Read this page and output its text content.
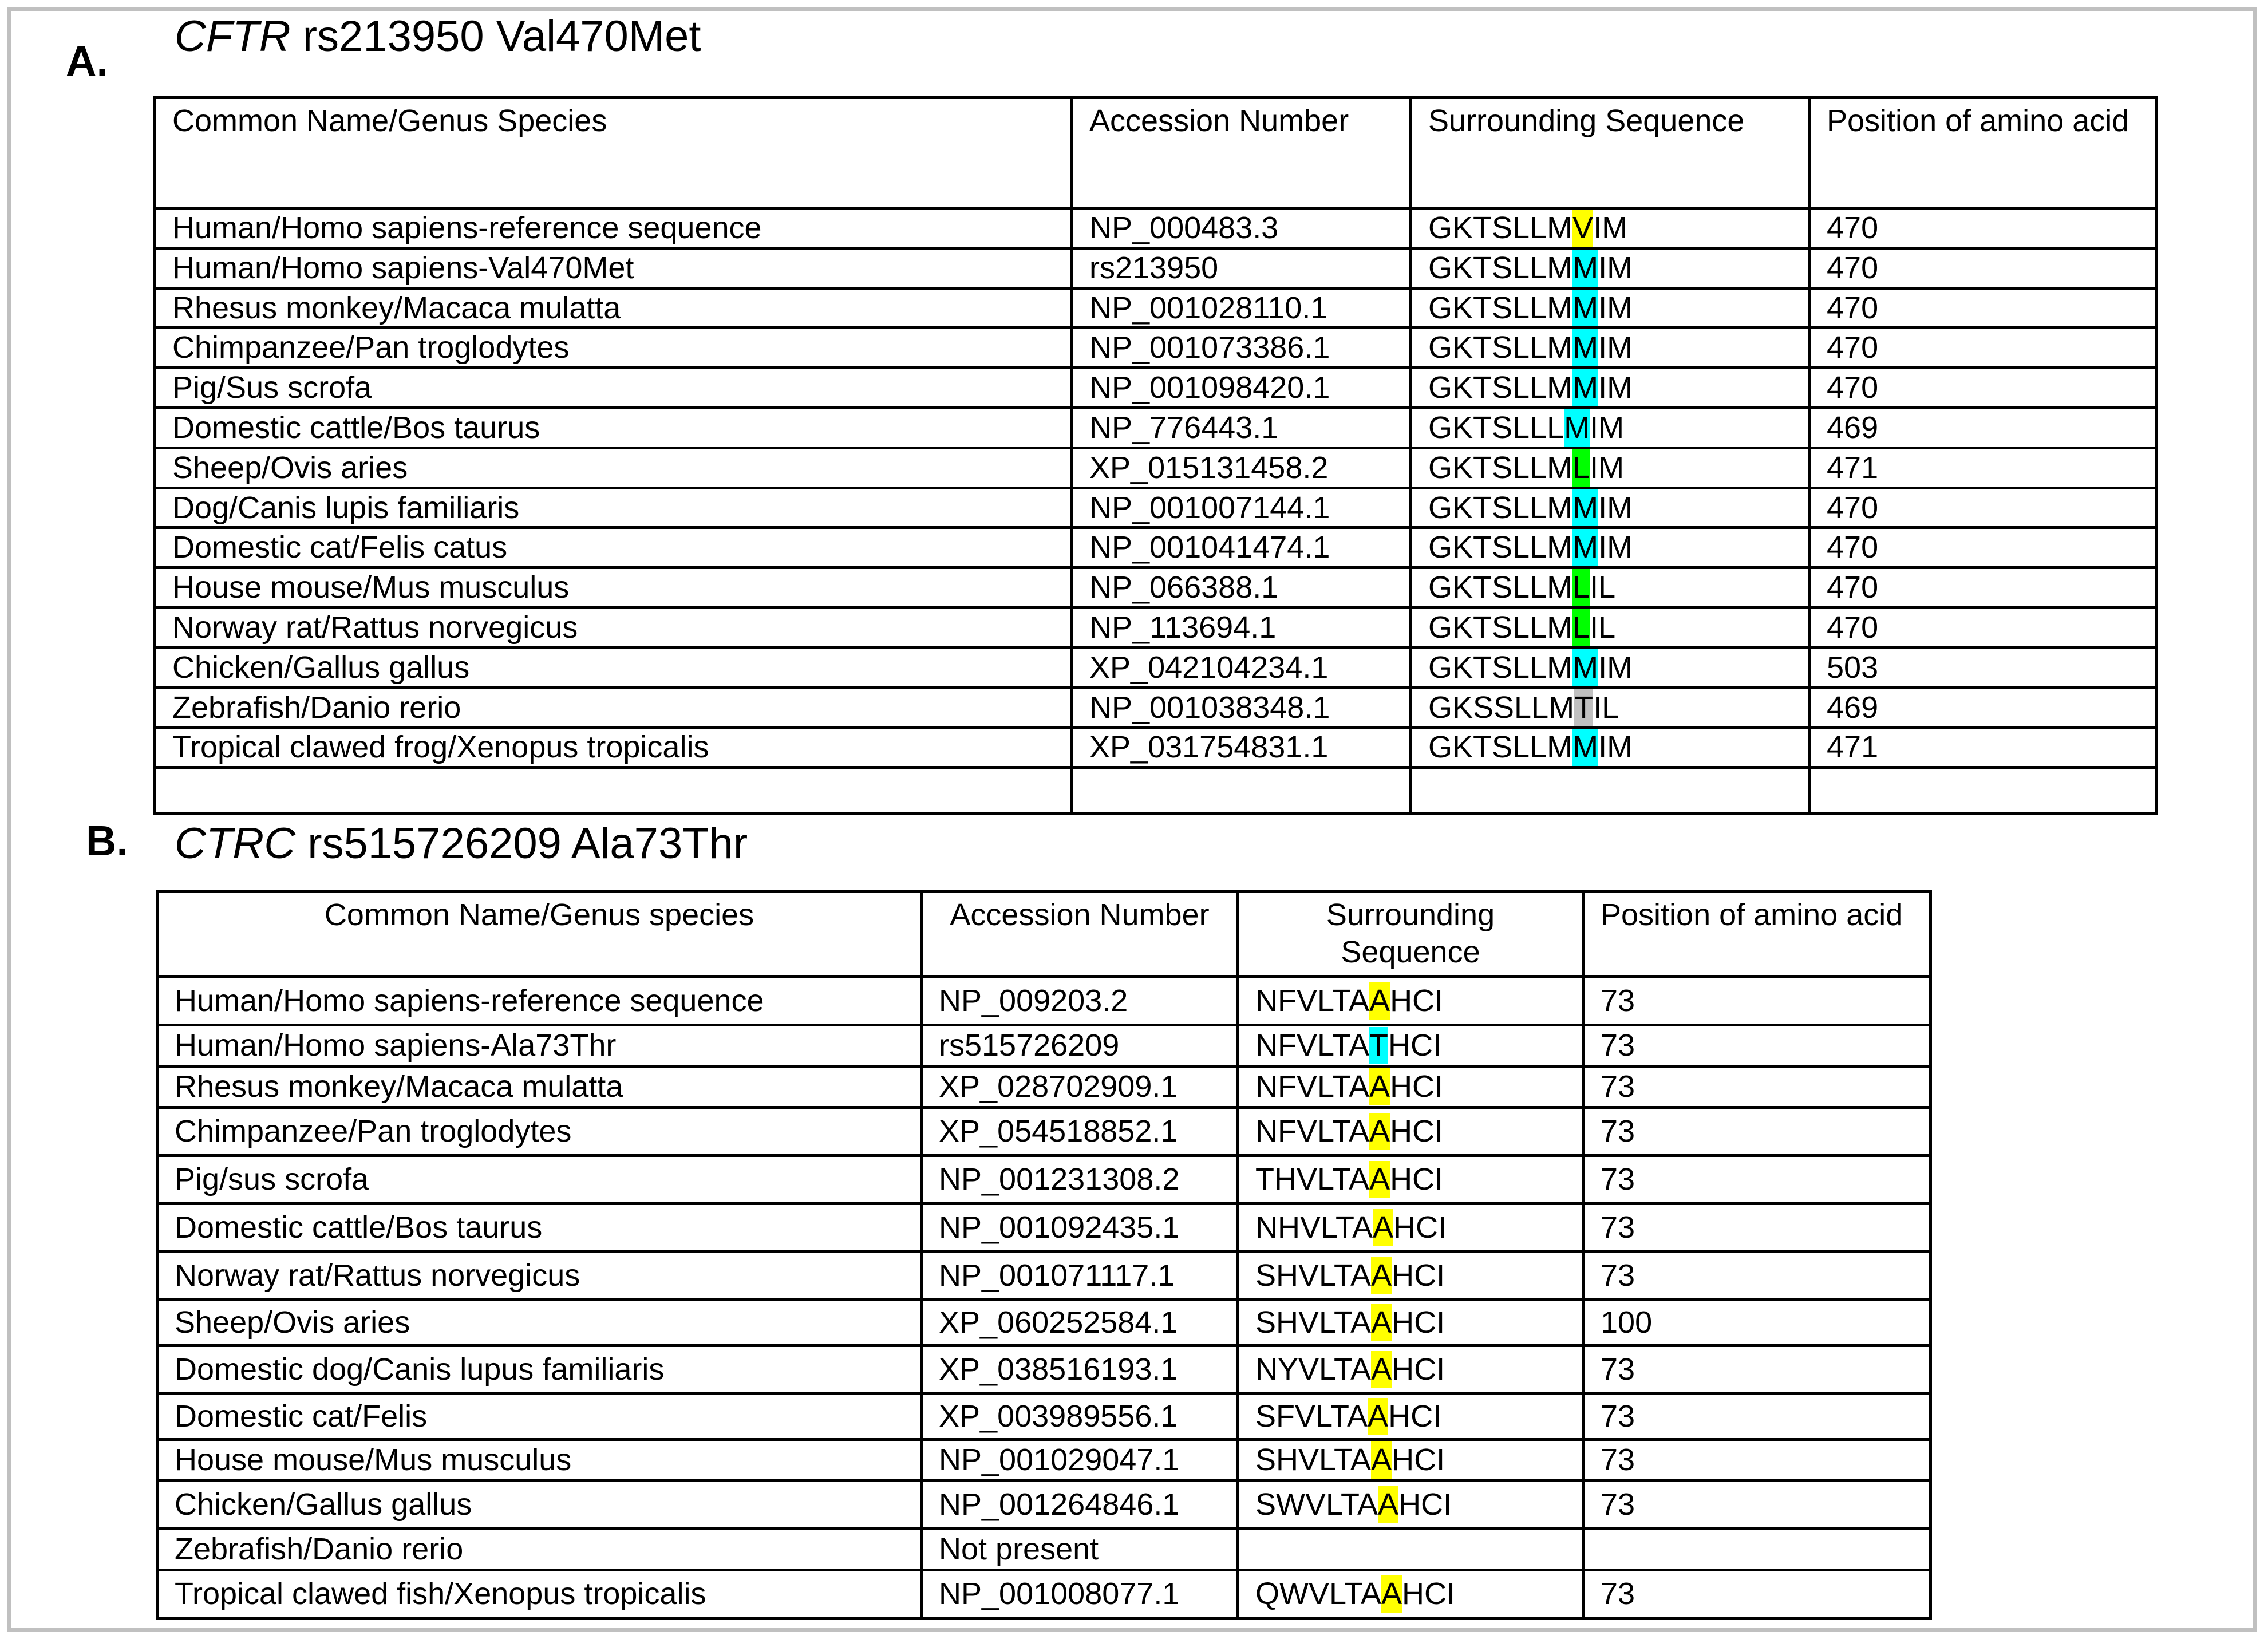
A.
CFTR rs213950 Val470Met
Common Name/Genus Species	Accession Number	Surrounding Sequence	Position of amino acid
Human/Homo sapiens-reference sequence	NP_000483.3	GKTSLLMVIM	470
Human/Homo sapiens-Val470Met	rs213950	GKTSLLMMIM	470
Rhesus monkey/Macaca mulatta	NP_001028110.1	GKTSLLMMIM	470
Chimpanzee/Pan troglodytes	NP_001073386.1	GKTSLLMMIM	470
Pig/Sus scrofa	NP_001098420.1	GKTSLLMMIM	470
Domestic cattle/Bos taurus	NP_776443.1	GKTSLLLMIM	469
Sheep/Ovis aries	XP_015131458.2	GKTSLLMLIM	471
Dog/Canis lupis familiaris	NP_001007144.1	GKTSLLMMIM	470
Domestic cat/Felis catus	NP_001041474.1	GKTSLLMMIM	470
House mouse/Mus musculus	NP_066388.1	GKTSLLMLIL	470
Norway rat/Rattus norvegicus	NP_113694.1	GKTSLLMLIL	470
Chicken/Gallus gallus	XP_042104234.1	GKTSLLMMIM	503
Zebrafish/Danio rerio	NP_001038348.1	GKSSLLMTIL	469
Tropical clawed frog/Xenopus tropicalis	XP_031754831.1	GKTSLLMMIM	471

B. CTRC rs515726209 Ala73Thr
Common Name/Genus species	Accession Number	Surrounding Sequence	Position of amino acid
Human/Homo sapiens-reference sequence	NP_009203.2	NFVLTAAHCI	73
Human/Homo sapiens-Ala73Thr	rs515726209	NFVLTATHCI	73
Rhesus monkey/Macaca mulatta	XP_028702909.1	NFVLTAAHCI	73
Chimpanzee/Pan troglodytes	XP_054518852.1	NFVLTAAHCI	73
Pig/sus scrofa	NP_001231308.2	THVLTAAHCI	73
Domestic cattle/Bos taurus	NP_001092435.1	NHVLTAAHCI	73
Norway rat/Rattus norvegicus	NP_001071117.1	SHVLTAAHCI	73
Sheep/Ovis aries	XP_060252584.1	SHVLTAAHCI	100
Domestic dog/Canis lupus familiaris	XP_038516193.1	NYVLTAAHCI	73
Domestic cat/Felis	XP_003989556.1	SFVLTAAHCI	73
House mouse/Mus musculus	NP_001029047.1	SHVLTAAHCI	73
Chicken/Gallus gallus	NP_001264846.1	SWVLTAAHCI	73
Zebrafish/Danio rerio	Not present		
Tropical clawed fish/Xenopus tropicalis	NP_001008077.1	QWVLTAAHCI	73
